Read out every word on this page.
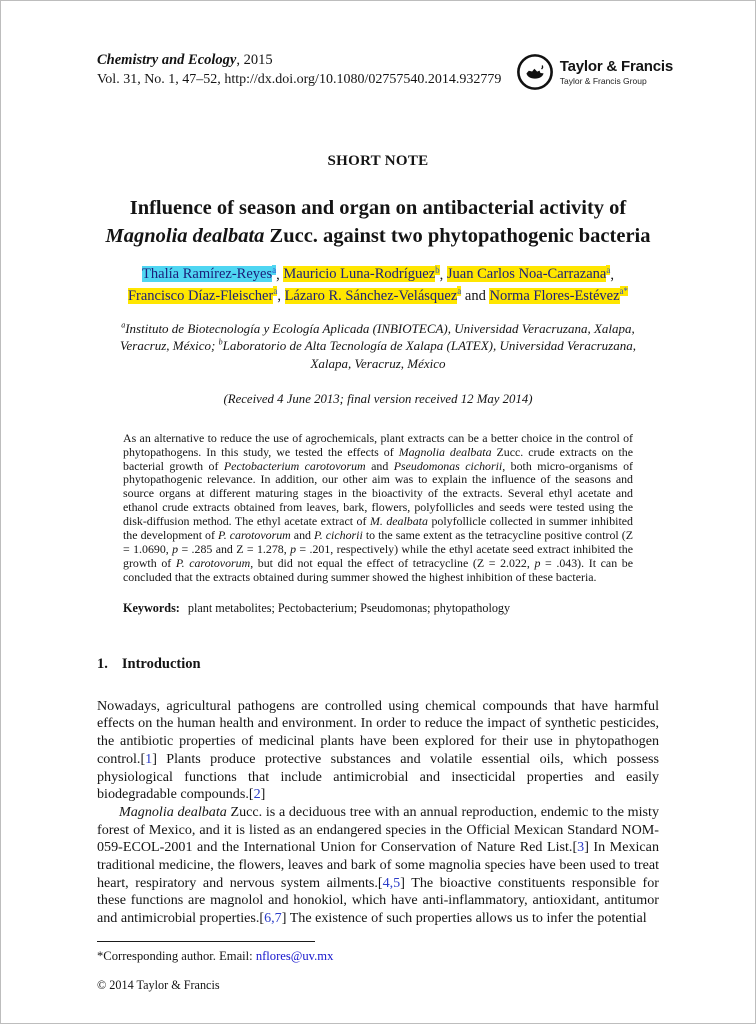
Chemistry and Ecology, 2015
Vol. 31, No. 1, 47–52, http://dx.doi.org/10.1080/02757540.2014.932779
Taylor & Francis
Taylor & Francis Group
SHORT NOTE
Influence of season and organ on antibacterial activity of
Magnolia dealbata Zucc. against two phytopathogenic bacteria
Thalía Ramírez-Reyes$^a$, Mauricio Luna-Rodríguez$^b$, Juan Carlos Noa-Carrazana$^a$,
Francisco Díaz-Fleischer$^a$, Lázaro R. Sánchez-Velásquez$^a$ and Norma Flores-Estévez$^{a*}$
$^a$Instituto de Biotecnología y Ecología Aplicada (INBIOTECA), Universidad Veracruzana, Xalapa,
Veracruz, México; $^b$Laboratorio de Alta Tecnología de Xalapa (LATEX), Universidad Veracruzana,
Xalapa, Veracruz, México
(Received 4 June 2013; final version received 12 May 2014)

As an alternative to reduce the use of agrochemicals, plant extracts can be a better choice in the control of phytopathogens. In this study, we tested the effects of Magnolia dealbata Zucc. crude extracts on the bacterial growth of Pectobacterium carotovorum and Pseudomonas cichorii, both micro-organisms of phytopathogenic relevance. In addition, our other aim was to explain the influence of the seasons and source organs at different maturing stages in the bioactivity of the extracts. Several ethyl acetate and ethanol crude extracts obtained from leaves, bark, flowers, polyfollicles and seeds were tested using the disk-diffusion method. The ethyl acetate extract of M. dealbata polyfollicle collected in summer inhibited the development of P. carotovorum and P. cichorii to the same extent as the tetracycline positive control (Z = 1.0690, p = .285 and Z = 1.278, p = .201, respectively) while the ethyl acetate seed extract inhibited the growth of P. carotovorum, but did not equal the effect of tetracycline (Z = 2.022, p = .043). It can be concluded that the extracts obtained during summer showed the highest inhibition of these bacteria.

Keywords: plant metabolites; Pectobacterium; Pseudomonas; phytopathology
1. Introduction

Nowadays, agricultural pathogens are controlled using chemical compounds that have harmful effects on the human health and environment. In order to reduce the impact of synthetic pesticides, the antibiotic properties of medicinal plants have been explored for their use in phytopathogen control.[1] Plants produce protective substances and volatile essential oils, which possess physiological functions that include antimicrobial and insecticidal properties and easily biodegradable compounds.[2]

Magnolia dealbata Zucc. is a deciduous tree with an annual reproduction, endemic to the misty forest of Mexico, and it is listed as an endangered species in the Official Mexican Standard NOM-059-ECOL-2001 and the International Union for Conservation of Nature Red List.[3] In Mexican traditional medicine, the flowers, leaves and bark of some magnolia species have been used to treat heart, respiratory and nervous system ailments.[4,5] The bioactive constituents responsible for these functions are magnolol and honokiol, which have anti-inflammatory, antioxidant, antitumor and antimicrobial properties.[6,7] The existence of such properties allows us to infer the potential

*Corresponding author. Email: nflores@uv.mx
© 2014 Taylor & Francis
